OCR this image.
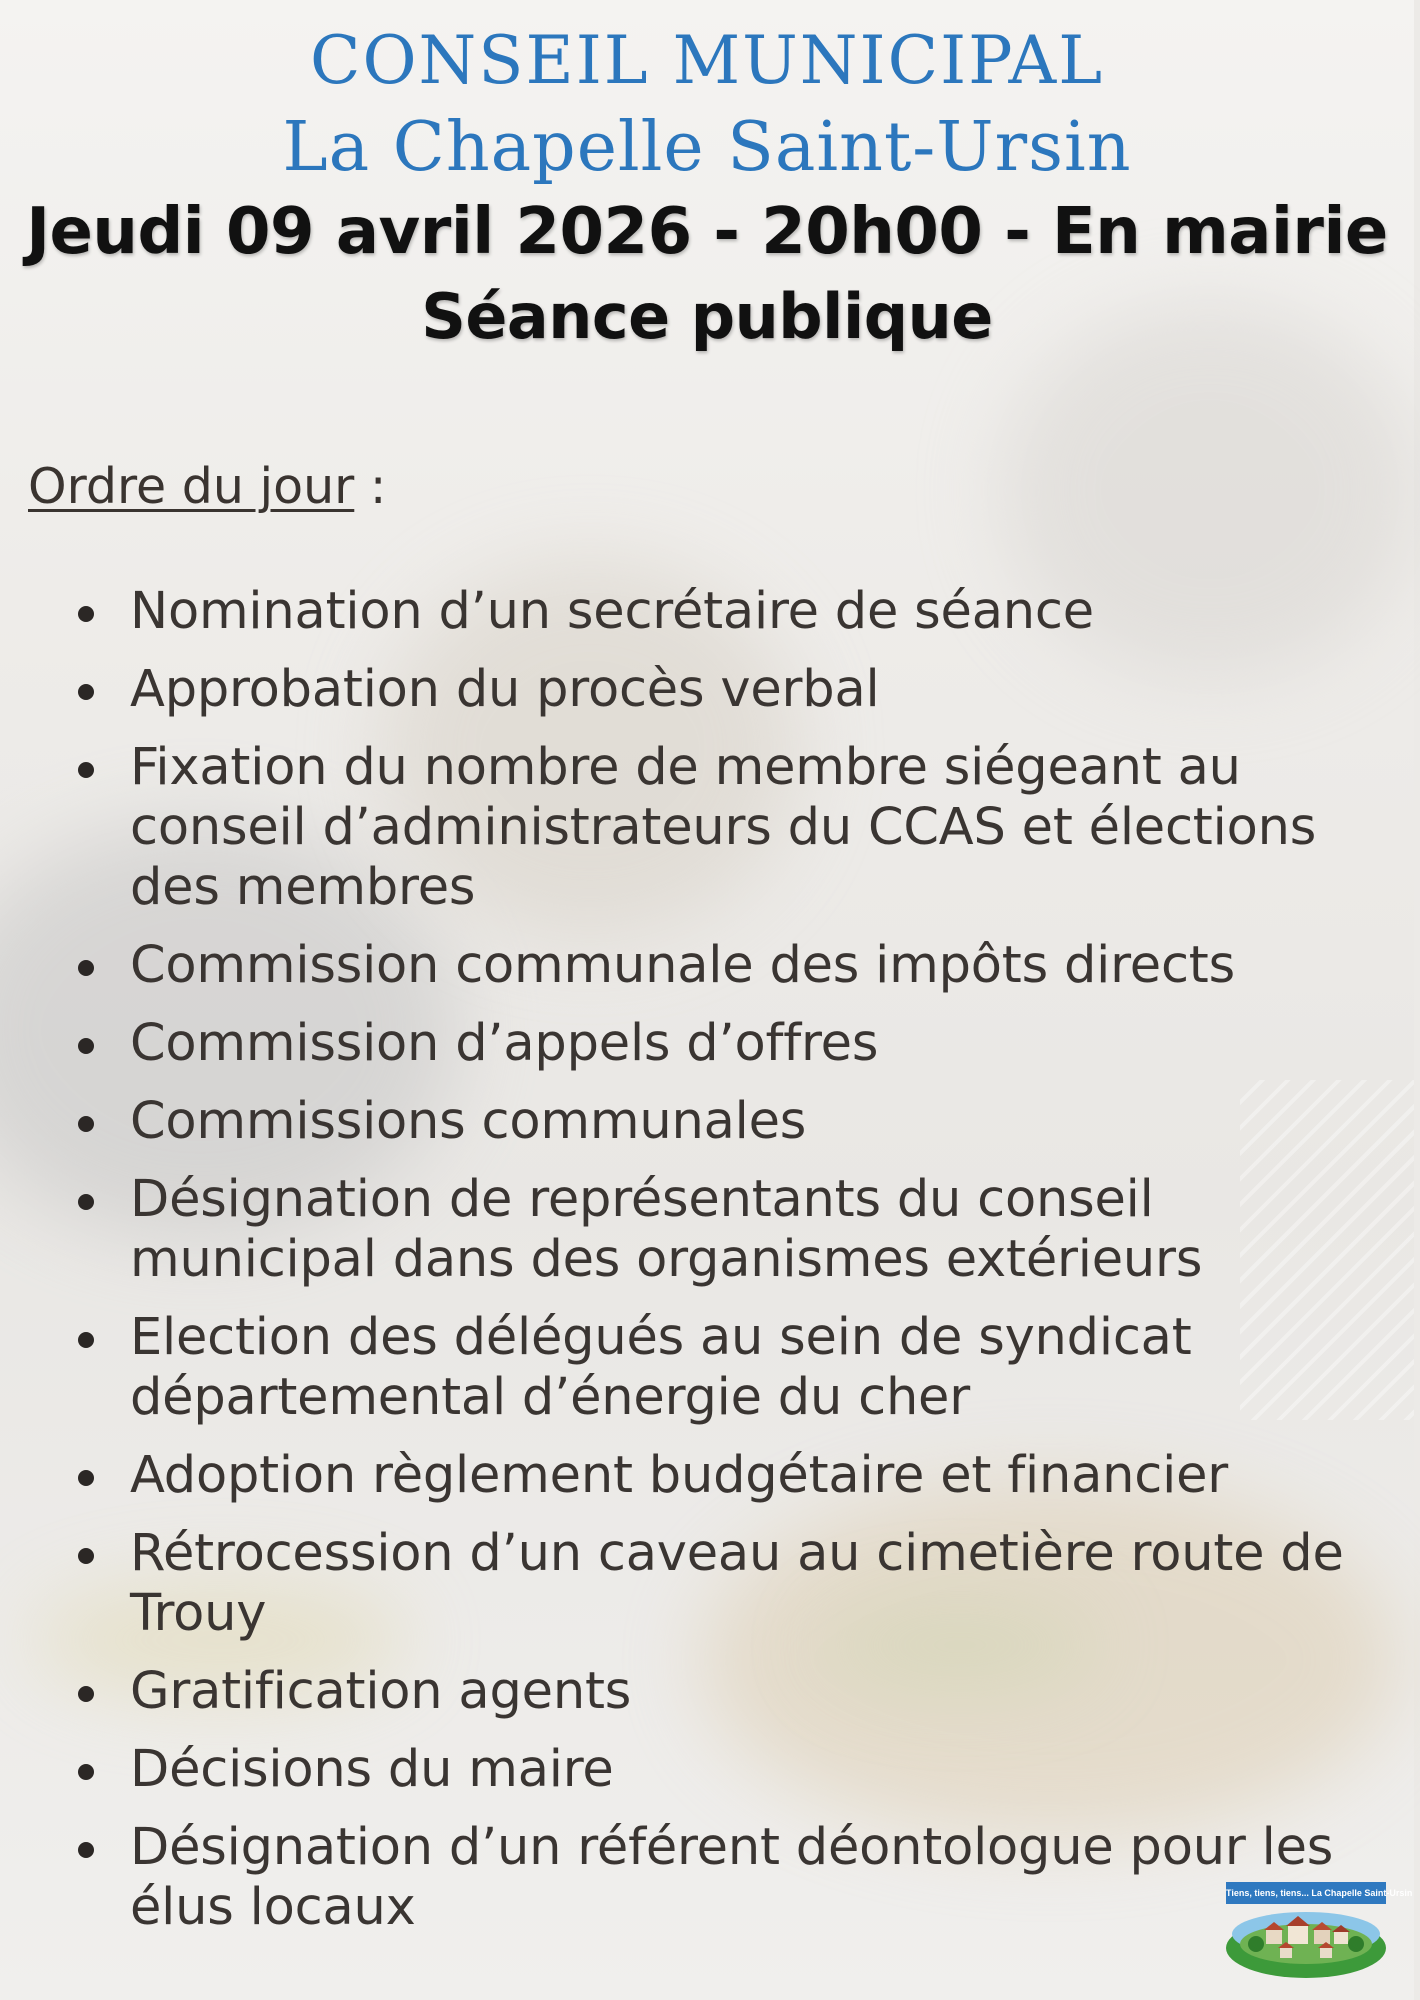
CONSEIL MUNICIPAL
La Chapelle Saint-Ursin

Jeudi 09 avril 2026 - 20h00 - En mairie

Séance publique

Ordre du jour :

Nomination d’un secrétaire de séance
Approbation du procès verbal
Fixation du nombre de membre siégeant au conseil d’administrateurs du CCAS et élections des membres
Commission communale des impôts directs
Commission d’appels d’offres
Commissions communales
Désignation de représentants du conseil municipal dans des organismes extérieurs
Election des délégués au sein de syndicat départemental d’énergie du cher
Adoption règlement budgétaire et financier
Rétrocession d’un caveau au cimetière route de Trouy
Gratification agents
Décisions du maire
Désignation d’un référent déontologue pour les élus locaux	Tiens, tiens, tiens... La Chapelle Saint-Ursin
